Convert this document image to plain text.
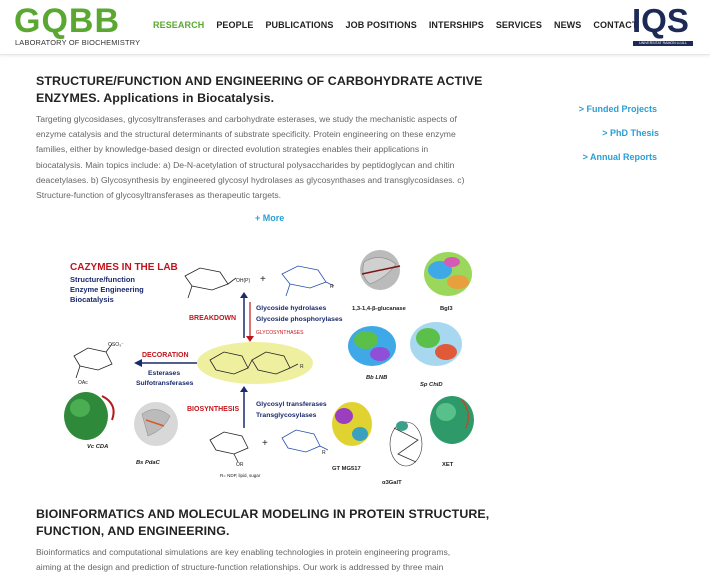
GQBB
LABORATORY OF BIOCHEMISTRY
RESEARCH PEOPLE PUBLICATIONS JOB POSITIONS INTERSHIPS SERVICES NEWS CONTACT
IQS
UNIVERSITAT RAMON LLULL
STRUCTURE/FUNCTION AND ENGINEERING OF CARBOHYDRATE ACTIVE
ENZYMES. Applications in Biocatalysis.
Targeting glycosidases, glycosyltransferases and carbohydrate esterases, we study the mechanistic aspects of
enzyme catalysis and the structural determinants of substrate specificity. Protein engineering on these enzyme
families, either by knowledge-based design or directed evolution strategies enables their applications in
biocatalysis. Main topics include: a) De-N-acetylation of structural polysaccharides by peptidoglycan and chitin
deacetylases. b) Glycosynthesis by engineered glycosyl hydrolases as glycosynthases and transglycosidases. c)
Structure-function of glycosyltransferases as therapeutic targets.
+ More
> Funded Projects
> PhD Thesis
> Annual Reports
CAZYMES IN THE LAB
Structure/function
Enzyme Engineering
Biocatalysis
OH(P) +
R
BREAKDOWN
Glycoside hydrolases
Glycoside phosphorylases
GLYCOSYNTHASES
R
DECORATION
Esterases
Sulfotransferases
OSO₃⁻
OAc
BIOSYNTHESIS
Glycosyl transferases
Transglycosylases
+
OR
R
R= NDP, lipid, sugar
1,3-1,4-β-glucanase	Bgl3
Bb LNB
Sp ChiD
Vc CDA
Bs PdaC
GT MG517
α3GalT
XET
BIOINFORMATICS AND MOLECULAR MODELING IN PROTEIN STRUCTURE,
FUNCTION, AND ENGINEERING.
Bioinformatics and computational simulations are key enabling technologies in protein engineering programs,
aiming at the design and prediction of structure-function relationships. Our work is addressed by three main
